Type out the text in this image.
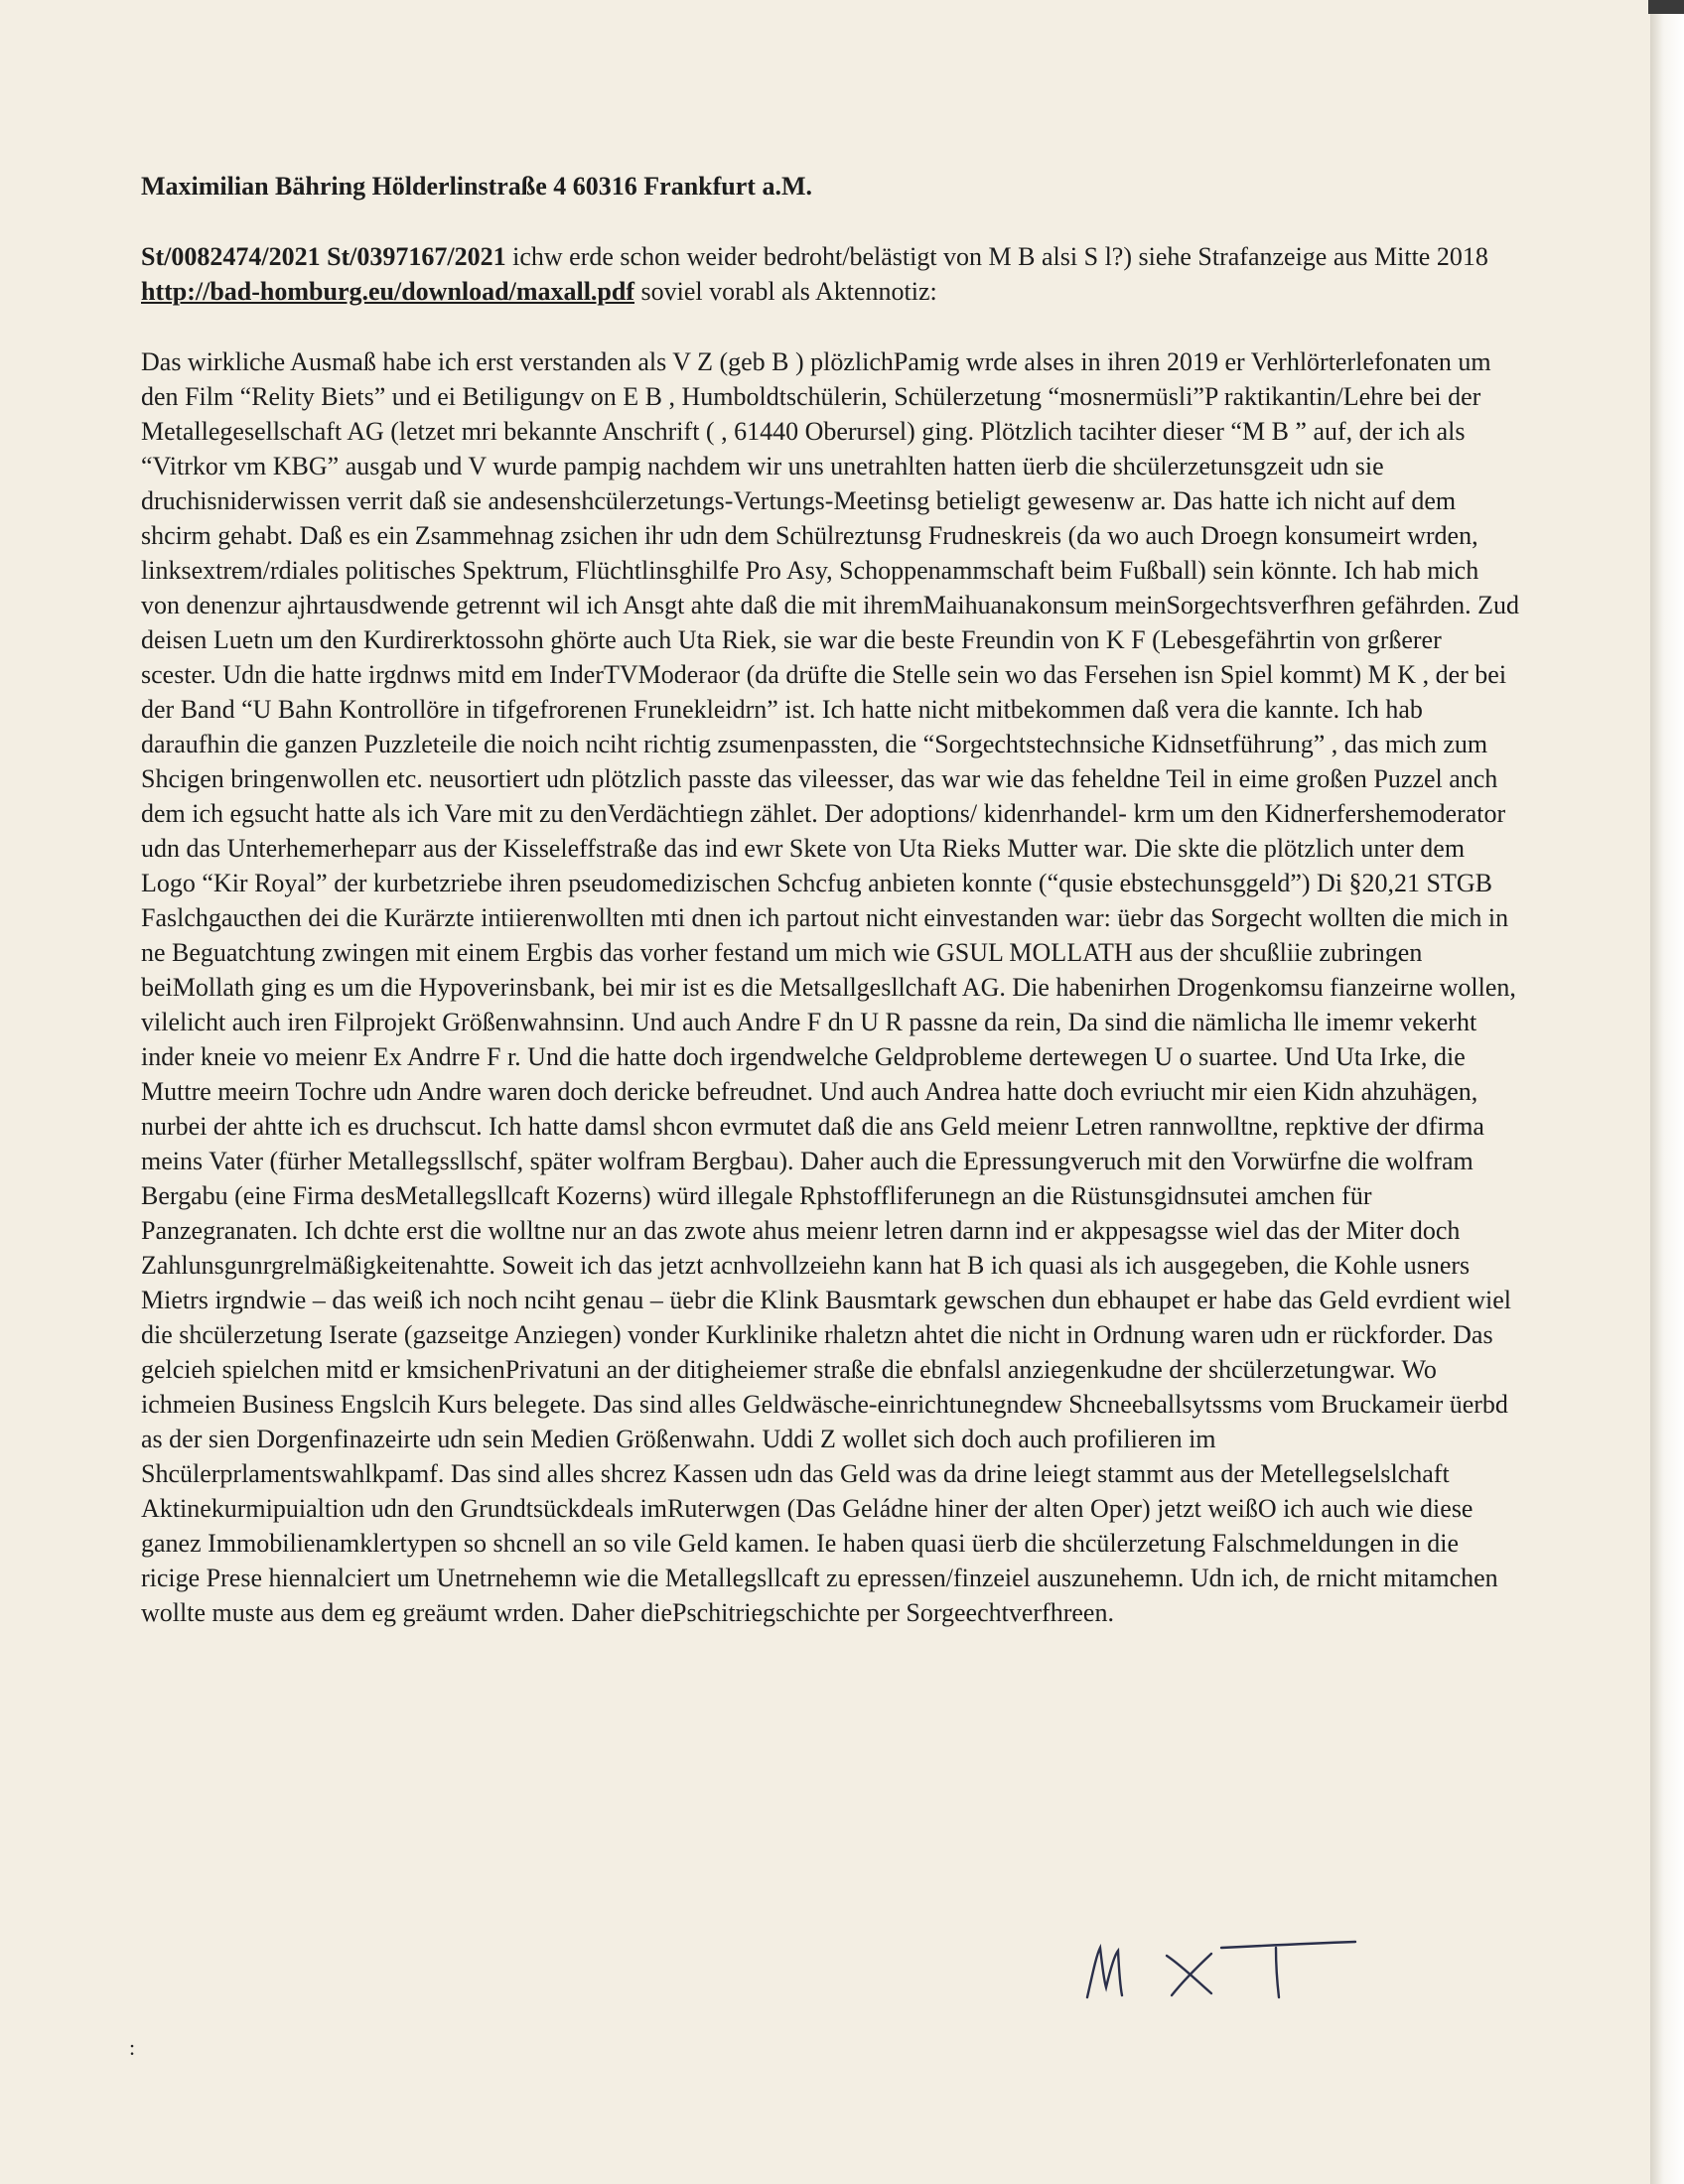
Maximilian Bähring Hölderlinstraße 4 60316 Frankfurt a.M.

St/0082474/2021 St/0397167/2021 ichw erde schon weider bedroht/belästigt von M B alsi S l?) siehe Strafanzeige aus Mitte 2018 http://bad-homburg.eu/download/maxall.pdf soviel vorabl als Aktennotiz:

Das wirkliche Ausmaß habe ich erst verstanden als V Z (geb B ) plözlichPamig wrde alses in ihren 2019 er Verhlörterlefonaten um den Film “Relity Biets” und ei Betiligungv on E B , Humboldtschülerin, Schülerzetung “mosnermüsli”P raktikantin/Lehre bei der Metallegesellschaft AG (letzet mri bekannte Anschrift ( , 61440 Oberursel) ging. Plötzlich tacihter dieser “M B ” auf, der ich als “Vitrkor vm KBG” ausgab und V wurde pampig nachdem wir uns unetrahlten hatten üerb die shcülerzetunsgzeit udn sie druchisniderwissen verrit daß sie andesenshcülerzetungs-Vertungs-Meetinsg betieligt gewesenw ar. Das hatte ich nicht auf dem shcirm gehabt. Daß es ein Zsammehnag zsichen ihr udn dem Schülreztunsg Frudneskreis (da wo auch Droegn konsumeirt wrden, linksextrem/rdiales politisches Spektrum, Flüchtlinsghilfe Pro Asy, Schoppenammschaft beim Fußball) sein könnte. Ich hab mich von denenzur ajhrtausdwende getrennt wil ich Ansgt ahte daß die mit ihremMaihuanakonsum meinSorgechtsverfhren gefährden. Zud deisen Luetn um den Kurdirerktossohn ghörte auch Uta Riek, sie war die beste Freundin von K F (Lebesgefährtin von grßerer scester. Udn die hatte irgdnws mitd em InderTVModeraor (da drüfte die Stelle sein wo das Fersehen isn Spiel kommt) M K , der bei der Band “U Bahn Kontrollöre in tifgefrorenen Frunekleidrn” ist. Ich hatte nicht mitbekommen daß vera die kannte. Ich hab daraufhin die ganzen Puzzleteile die noich nciht richtig zsumenpassten, die “Sorgechtstechnsiche Kidnsetführung” , das mich zum Shcigen bringenwollen etc. neusortiert udn plötzlich passte das vileesser, das war wie das feheldne Teil in eime großen Puzzel anch dem ich egsucht hatte als ich Vare mit zu denVerdächtiegn zählet. Der adoptions/ kidenrhandel- krm um den Kidnerfershemoderator udn das Unterhemerheparr aus der Kisseleffstraße das ind ewr Skete von Uta Rieks Mutter war. Die skte die plötzlich unter dem Logo “Kir Royal” der kurbetzriebe ihren pseudomedizischen Schcfug anbieten konnte (“qusie ebstechunsggeld”) Di §20,21 STGB Faslchgaucthen dei die Kurärzte intiierenwollten mti dnen ich partout nicht einvestanden war: üebr das Sorgecht wollten die mich in ne Beguatchtung zwingen mit einem Ergbis das vorher festand um mich wie GSUL MOLLATH aus der shcußliie zubringen beiMollath ging es um die Hypoverinsbank, bei mir ist es die Metsallgesllchaft AG. Die habenirhen Drogenkomsu fianzeirne wollen, vilelicht auch iren Filprojekt Größenwahnsinn. Und auch Andre F dn U R passne da rein, Da sind die nämlicha lle imemr vekerht inder kneie vo meienr Ex Andrre F r. Und die hatte doch irgendwelche Geldprobleme dertewegen U o suartee. Und Uta Irke, die Muttre meeirn Tochre udn Andre waren doch dericke befreudnet. Und auch Andrea hatte doch evriucht mir eien Kidn ahzuhägen, nurbei der ahtte ich es druchscut. Ich hatte damsl shcon evrmutet daß die ans Geld meienr Letren rannwolltne, repktive der dfirma meins Vater (fürher Metallegssllschf, später wolfram Bergbau). Daher auch die Epressungveruch mit den Vorwürfne die wolfram Bergabu (eine Firma desMetallegsllcaft Kozerns) würd illegale Rphstoffliferunegn an die Rüstunsgidnsutei amchen für Panzegranaten. Ich dchte erst die wolltne nur an das zwote ahus meienr letren darnn ind er akppesagsse wiel das der Miter doch Zahlunsgunrgrelmäßigkeitenahtte. Soweit ich das jetzt acnhvollzeiehn kann hat B ich quasi als ich ausgegeben, die Kohle usners Mietrs irgndwie – das weiß ich noch nciht genau – üebr die Klink Bausmtark gewschen dun ebhaupet er habe das Geld evrdient wiel die shcülerzetung Iserate (gazseitge Anziegen) vonder Kurklinike rhaletzn ahtet die nicht in Ordnung waren udn er rückforder. Das gelcieh spielchen mitd er kmsichenPrivatuni an der ditigheiemer straße die ebnfalsl anziegenkudne der shcülerzetungwar. Wo ichmeien Business Engslcih Kurs belegete. Das sind alles Geldwäsche-einrichtunegndew Shcneeballsytssms vom Bruckameir üerbd as der sien Dorgenfinazeirte udn sein Medien Größenwahn. Uddi Z wollet sich doch auch profilieren im Shcülerprlamentswahlkpamf. Das sind alles shcrez Kassen udn das Geld was da drine leiegt stammt aus der Metellegselslchaft Aktinekurmipuialtion udn den Grundtsückdeals imRuterwgen (Das Geládne hiner der alten Oper) jetzt weißO ich auch wie diese ganez Immobilienamklertypen so shcnell an so vile Geld kamen. Ie haben quasi üerb die shcülerzetung Falschmeldungen in die ricige Prese hiennalciert um Unetrnehemn wie die Metallegsllcaft zu epressen/finzeiel auszunehemn. Udn ich, de rnicht mitamchen wollte muste aus dem eg greäumt wrden. Daher diePschitriegschichte per Sorgeechtverfhreen.

:
